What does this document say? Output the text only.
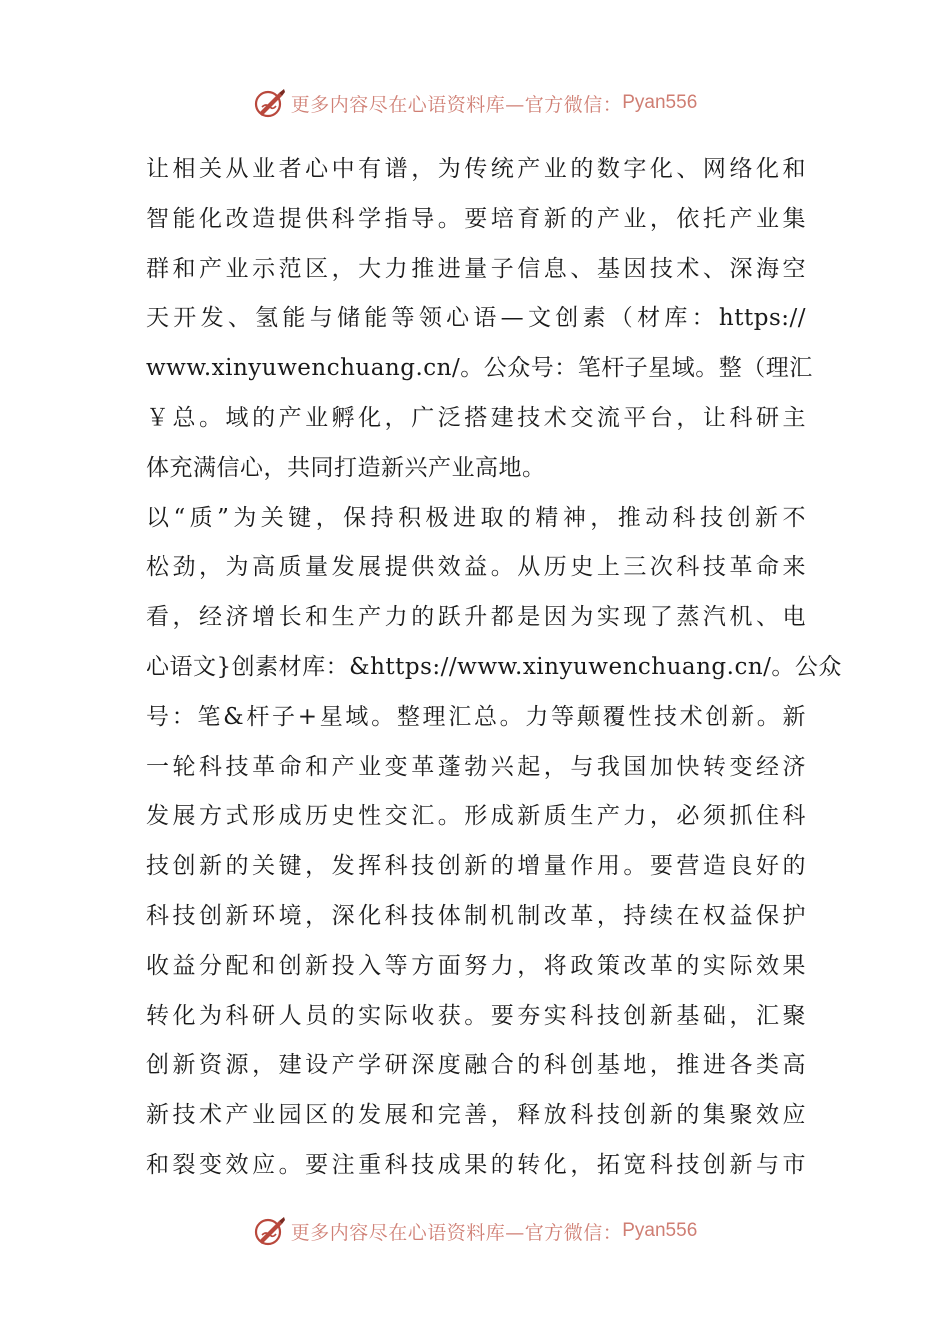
更多内容尽在心语资料库—官方微信： Pyan556
让相关从业者心中有谱，为传统产业的数字化、网络化和
智能化改造提供科学指导。要培育新的产业，依托产业集
群和产业示范区，大力推进量子信息、基因技术、深海空
天开发、氢能与储能等领心语—文创素（材库：https://
www.xinyuwenchuang.cn/。公众号：笔杆子星域。整（理汇
￥总。域的产业孵化，广泛搭建技术交流平台，让科研主
体充满信心，共同打造新兴产业高地。
以“质”为关键，保持积极进取的精神，推动科技创新不
松劲，为高质量发展提供效益。从历史上三次科技革命来
看，经济增长和生产力的跃升都是因为实现了蒸汽机、电
心语文}创素材库：&https://www.xinyuwenchuang.cn/。公众
号：笔&杆子+星域。整理汇总。力等颠覆性技术创新。新
一轮科技革命和产业变革蓬勃兴起，与我国加快转变经济
发展方式形成历史性交汇。形成新质生产力，必须抓住科
技创新的关键，发挥科技创新的增量作用。要营造良好的
科技创新环境，深化科技体制机制改革，持续在权益保护
收益分配和创新投入等方面努力，将政策改革的实际效果
转化为科研人员的实际收获。要夯实科技创新基础，汇聚
创新资源，建设产学研深度融合的科创基地，推进各类高
新技术产业园区的发展和完善，释放科技创新的集聚效应
和裂变效应。要注重科技成果的转化，拓宽科技创新与市
更多内容尽在心语资料库—官方微信： Pyan556
